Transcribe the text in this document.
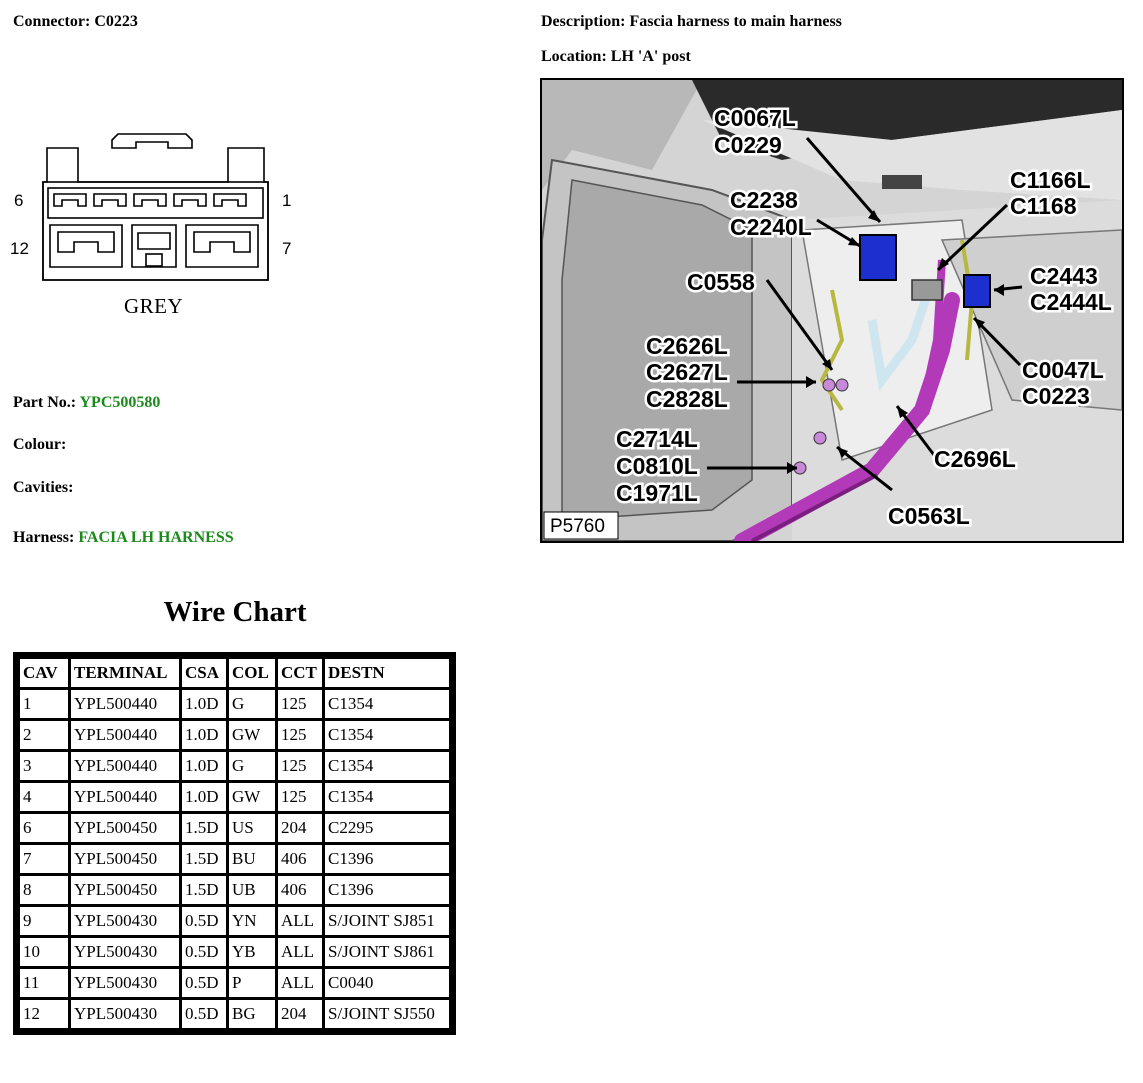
Connector: C0223	Description: Fascia harness to main harness
Location: LH 'A' post
6	1
12	7
GREY
Part No.: YPC500580
Colour:
Cavities:
Harness: FACIA LH HARNESS
Wire Chart
CAV	TERMINAL	CSA	COL	CCT	DESTN
1	YPL500440	1.0D	G	125	C1354
2	YPL500440	1.0D	GW	125	C1354
3	YPL500440	1.0D	G	125	C1354
4	YPL500440	1.0D	GW	125	C1354
6	YPL500450	1.5D	US	204	C2295
7	YPL500450	1.5D	BU	406	C1396
8	YPL500450	1.5D	UB	406	C1396
9	YPL500430	0.5D	YN	ALL	S/JOINT SJ851
10	YPL500430	0.5D	YB	ALL	S/JOINT SJ861
11	YPL500430	0.5D	P	ALL	C0040
12	YPL500430	0.5D	BG	204	S/JOINT SJ550
C0067L
C0229
C2238
C2240L
C1166L
C1168
C0558	C2443
C2444L
C2626L
C2627L
C2828L
C0047L
C0223
C2714L
C0810L
C1971L
C2696L
C0563L
P5760
